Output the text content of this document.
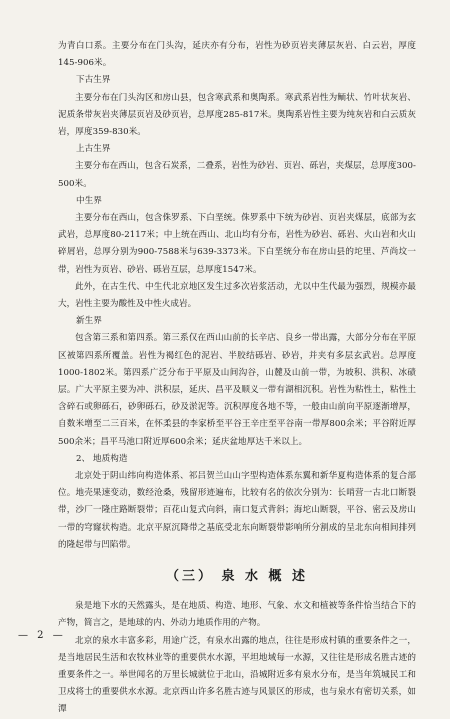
为青白口系。主要分布在门头沟，延庆亦有分布，岩性为砂页岩夹薄层灰岩、白云岩，厚度145-906米。

下古生界

主要分布在门头沟区和房山县，包含寒武系和奥陶系。寒武系岩性为鲕状、竹叶状灰岩、泥质条带灰岩夹薄层页岩及砂页岩，总厚度285-817米。奥陶系岩性主要为纯灰岩和白云质灰岩，厚度359-830米。

上古生界

主要分布在西山，包含石炭系，二叠系，岩性为砂岩、页岩、砾岩，夹煤层，总厚度300-500米。

中生界

主要分布在西山，包含侏罗系、下白垩统。侏罗系中下统为砂岩、页岩夹煤层，底部为玄武岩，总厚度80-2117米；中上统在西山、北山均有分布，岩性为砂岩、砾岩、火山岩和火山碎屑岩，总厚分别为900-7588米与639-3373米。下白垩统分布在房山县的坨里、芦尚坟一带，岩性为页岩、砂岩、砾岩互层，总厚度1547米。

此外，在古生代、中生代北京地区发生过多次岩浆活动，尤以中生代最为强烈，规模亦最大，岩性主要为酸性及中性火成岩。

新生界

包含第三系和第四系。第三系仅在西山山前的长辛店、良乡一带出露，大部分分布在平原区被第四系所覆盖。岩性为褐红色的泥岩、半胶结砾岩、砂岩，并夹有多层玄武岩。总厚度1000-1802米。第四系广泛分布于平原及山间沟谷，山麓及山前一带，为坡积、洪积、冰碛层。广大平原主要为冲、洪积层，延庆、昌平及顺义一带有湖相沉积。岩性为粘性土，粘性土含碎石或卵砾石，砂卵砾石，砂及淤泥等。沉积厚度各地不等，一般由山前向平原逐渐增厚，自数米增至二三百米，在怀柔县的李家桥至平谷王辛庄至平谷南一带厚800余米；平谷附近厚500余米；昌平马池口附近厚600余米；延庆盆地厚达千米以上。

2、 地质构造

北京处于阴山纬向构造体系、祁吕贺兰山山字型构造体系东翼和新华夏构造体系的复合部位。地壳果速变动，数经沧桑，残留形迹遍布，比较有名的依次分别为：长哨营一古北口断裂带，沙厂一隆庄路断裂带；百花山复式向斜，南口复式背斜；海坨山断裂，平谷、密云及房山一带的穹窿状构造。北京平原沉降带之基底受北东向断裂带影响所分割成的呈北东向相间排列的隆起带与凹陷带。

（三） 泉 水 概 述

泉是地下水的天然露头，是在地质、构造、地形、气象、水文和植被等条件恰当结合下的产物，简言之，是地球的内、外动力地质作用的产物。

北京的泉水丰富多彩，用途广泛，有泉水出露的地点，往往是形成村镇的重要条件之一，是当地居民生活和农牧林业等的重要供水水源，平坦地域每一水源，又往往是形成名胜古迹的重要条件之一。举世闻名的万里长城就位于北山，沿城附近多有泉水分布，是当年筑城民工和卫戍将士的重要供水水源。北京西山许多名胜古迹与风景区的形成，也与泉水有密切关系，如潭

— 2 —
